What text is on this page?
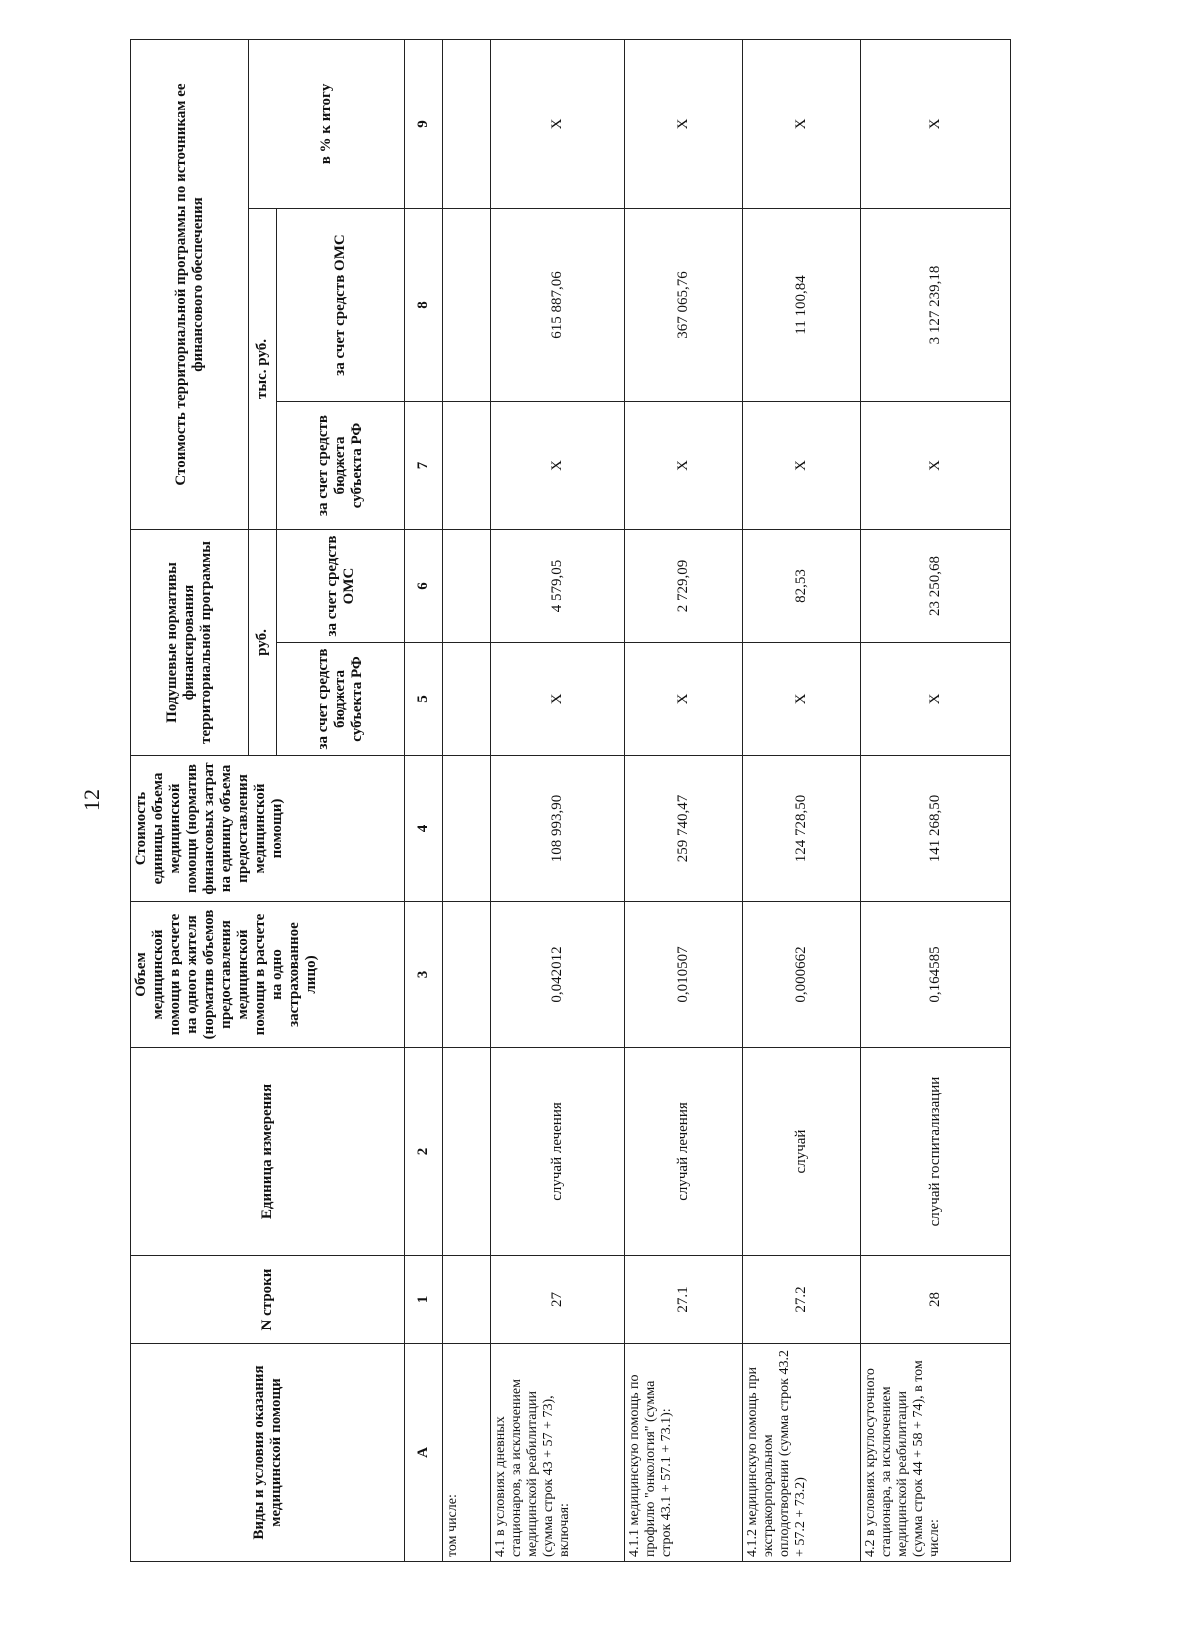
12
Виды и условия оказания медицинской помощи	N строки	Единица измерения	Объем медицинской помощи в расчете на одного жителя (норматив объемов предоставления медицинской помощи в расчете на одно застрахованное лицо)	Стоимость единицы объема медицинской помощи (норматив финансовых затрат на единицу объема предоставления медицинской помощи)	Подушевые нормативы финансирования территориальной программы		Стоимость территориальной программы по источникам ее финансового обеспечения		
					руб.		тыс. руб.		в % к итогу
					за счет средств бюджета субъекта РФ	за счет средств ОМС	за счет средств бюджета субъекта РФ	за счет средств ОМС	
А	1	2	3	4	5	6	7	8	9
том числе:									
4.1 в условиях дневных стационаров, за исключением медицинской реабилитации (сумма строк 43 + 57 + 73), включая:	27	случай лечения	0,042012	108 993,90	X	4 579,05	X	615 887,06	X
4.1.1 медицинскую помощь по профилю "онкология" (сумма строк 43.1 + 57.1 + 73.1):	27.1	случай лечения	0,010507	259 740,47	X	2 729,09	X	367 065,76	X
4.1.2 медицинскую помощь при экстракорпоральном оплодотворении (сумма строк 43.2 + 57.2 + 73.2)	27.2	случай	0,000662	124 728,50	X	82,53	X	11 100,84	X
4.2 в условиях круглосуточного стационара, за исключением медицинской реабилитации (сумма строк 44 + 58 + 74), в том числе:	28	случай госпитализации	0,164585	141 268,50	X	23 250,68	X	3 127 239,18	X
